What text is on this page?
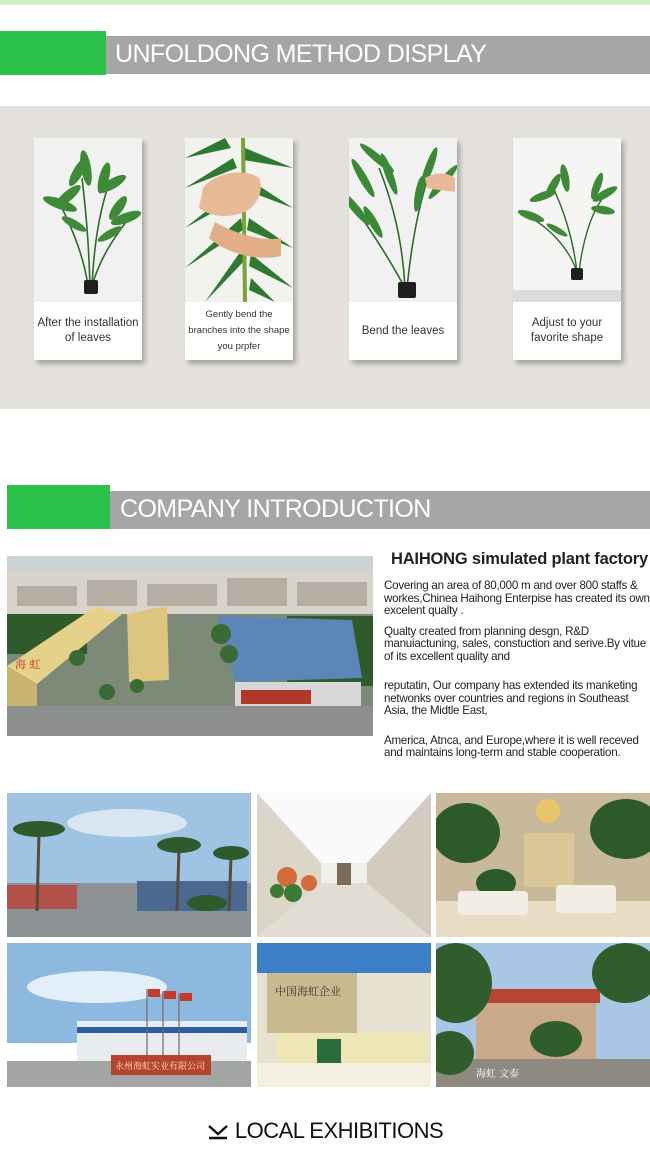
UNFOLDONG METHOD DISPLAY
After the installation of leaves
Gently bend the branches into the shape you prpfer
Bend the leaves
Adjust to your favorite shape
COMPANY INTRODUCTION
海 虹
HAIHONG simulated plant factory

Covering an area of 80,000 m and over 800 staffs & workes,Chinea Haihong Enterpise has created its own excelent qualty .

Qualty created from planning desgn, R&D manuiactuning, sales, constuction and serive.By vitue of its excellent quality and

reputatin, Our company has extended its manketing netwonks over countries and regions in Southeast Asia, the Midtle East,

America, Atnca, and Europe,where it is well receved and maintains long-term and stable cooperation.

永州海虹实业有限公司
中国海虹企业
海虹 文泰
LOCAL EXHIBITIONS
